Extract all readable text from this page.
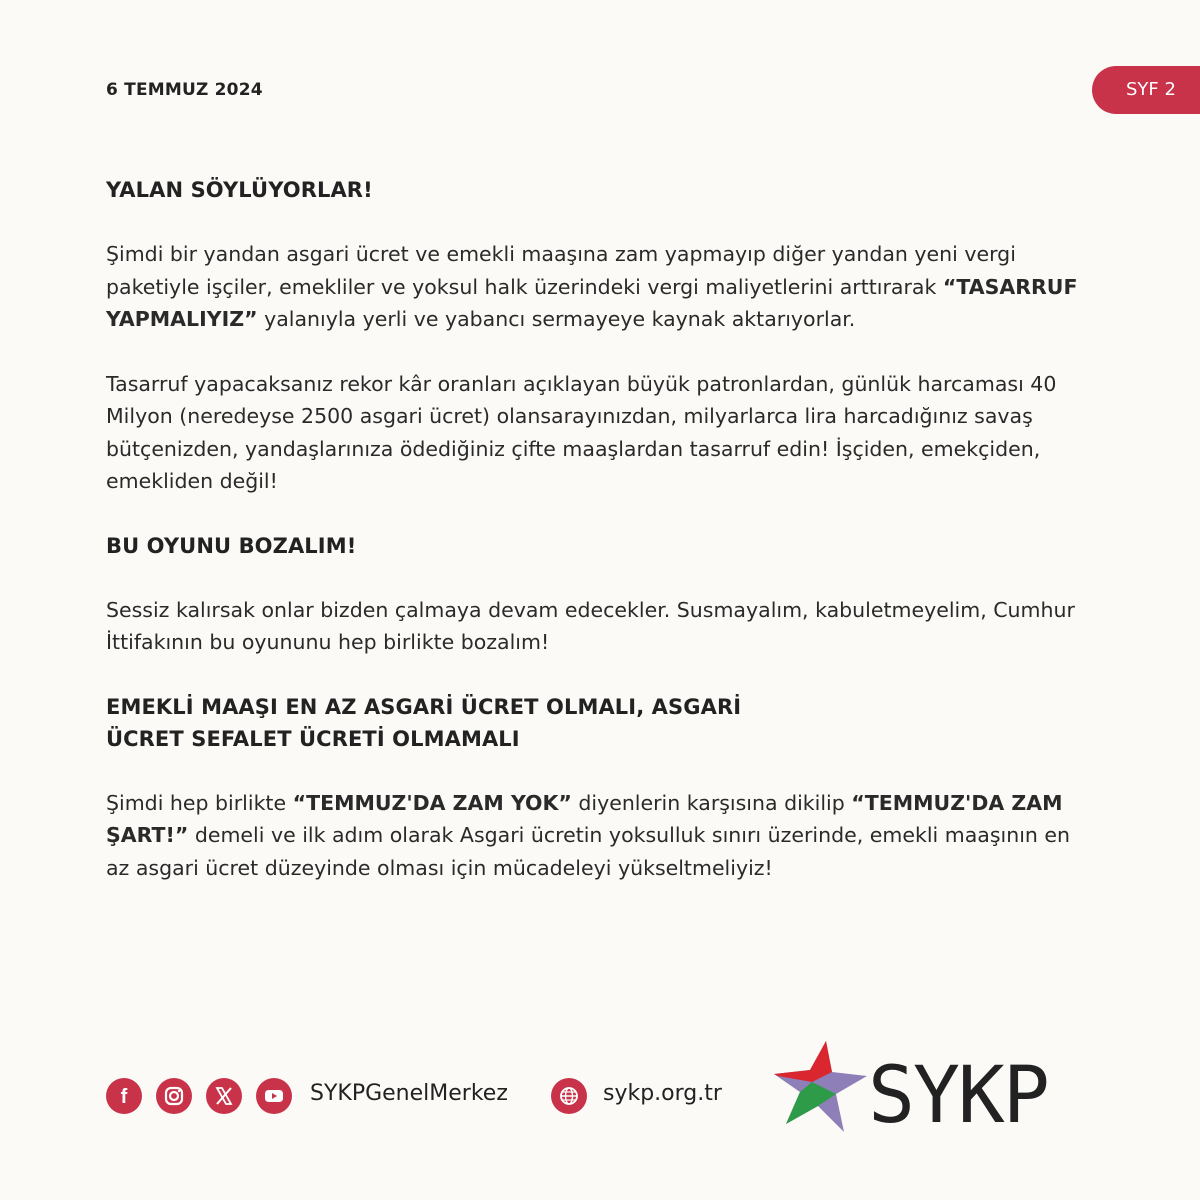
6 TEMMUZ 2024	SYF 2

YALAN SÖYLÜYORLAR!

Şimdi bir yandan asgari ücret ve emekli maaşına zam yapmayıp diğer yandan yeni vergi paketiyle işçiler, emekliler ve yoksul halk üzerindeki vergi maliyetlerini arttırarak “TASARRUF YAPMALIYIZ” yalanıyla yerli ve yabancı sermayeye kaynak aktarıyorlar.

Tasarruf yapacaksanız rekor kâr oranları açıklayan büyük patronlardan, günlük harcaması 40 Milyon (neredeyse 2500 asgari ücret) olansarayınızdan, milyarlarca lira harcadığınız savaş bütçenizden, yandaşlarınıza ödediğiniz çifte maaşlardan tasarruf edin! İşçiden, emekçiden, emekliden değil!

BU OYUNU BOZALIM!

Sessiz kalırsak onlar bizden çalmaya devam edecekler. Susmayalım, kabuletmeyelim, Cumhur İttifakının bu oyununu hep birlikte bozalım!

EMEKLİ MAAŞI EN AZ ASGARİ ÜCRET OLMALI, ASGARİ
ÜCRET SEFALET ÜCRETİ OLMAMALI

Şimdi hep birlikte “TEMMUZ'DA ZAM YOK” diyenlerin karşısına dikilip “TEMMUZ'DA ZAM ŞART!” demeli ve ilk adım olarak Asgari ücretin yoksulluk sınırı üzerinde, emekli maaşının en az asgari ücret düzeyinde olması için mücadeleyi yükseltmeliyiz!

f	SYKPGenelMerkez	sykp.org.tr SYKP
